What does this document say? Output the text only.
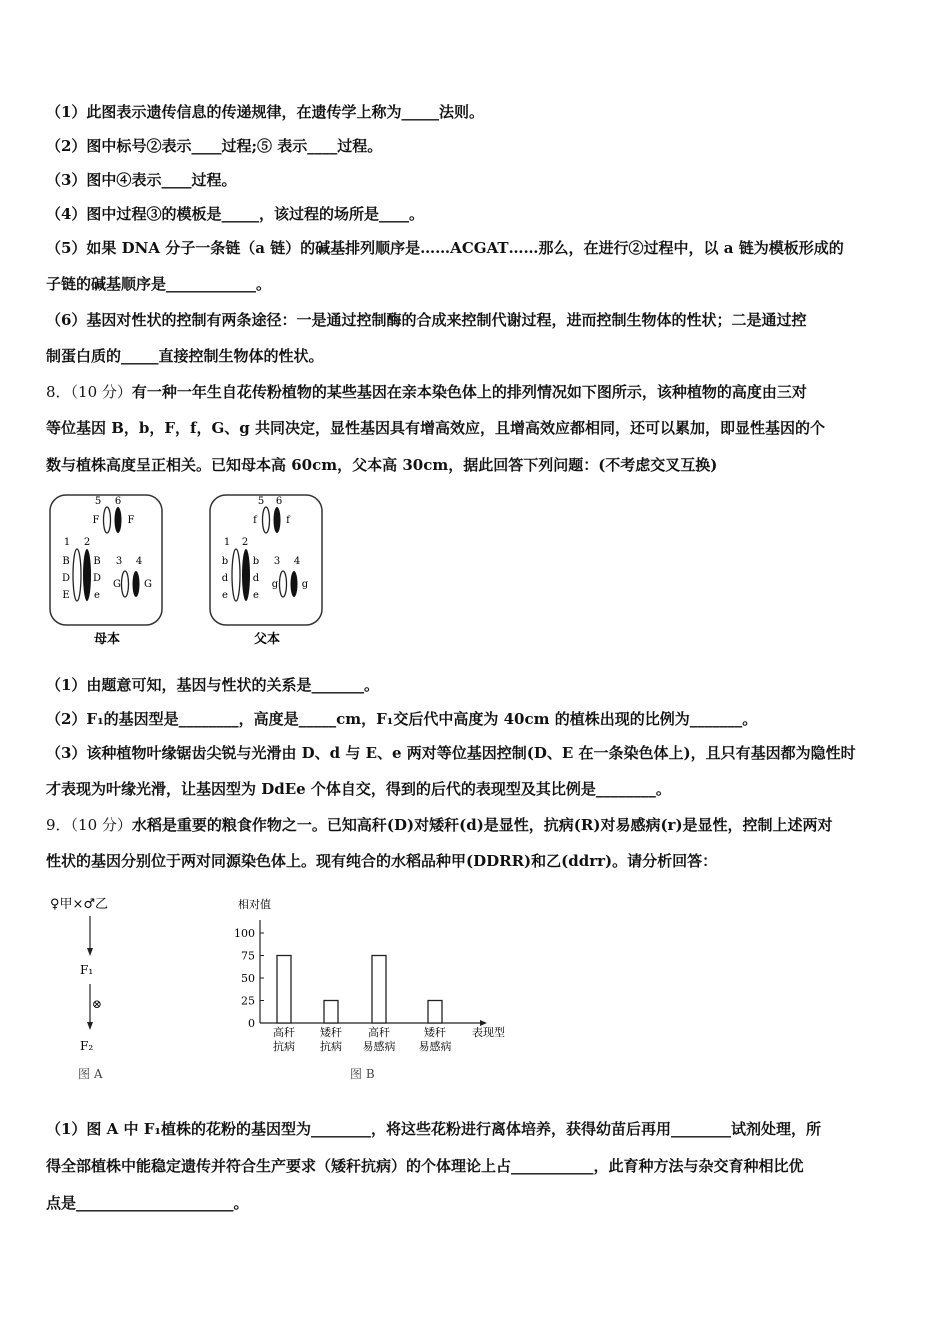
（1）此图表示遗传信息的传递规律，在遗传学上称为_____法则。
（2）图中标号②表示____过程;⑤ 表示____过程。
（3）图中④表示____过程。
（4）图中过程③的模板是_____，该过程的场所是____。
（5）如果 DNA 分子一条链（a 链）的碱基排列顺序是……ACGAT……那么，在进行②过程中，以 a 链为模板形成的
子链的碱基顺序是____________。
（6）基因对性状的控制有两条途径：一是通过控制酶的合成来控制代谢过程，进而控制生物体的性状；二是通过控
制蛋白质的_____直接控制生物体的性状。
8．（10 分）有一种一年生自花传粉植物的某些基因在亲本染色体上的排列情况如下图所示，该种植物的高度由三对
等位基因 B，b，F，f，G、g 共同决定，显性基因具有增高效应，且增高效应都相同，还可以累加，即显性基因的个
数与植株高度呈正相关。已知母本高 60cm，父本高 30cm，据此回答下列问题：(不考虑交叉互换)
5 6
F	F
1 2
B
D
E
B
D
e
3 4
G G
母本
5 6
f	f
1 2
b
d
e
b
d
e
3 4
g g
父本
（1）由题意可知，基因与性状的关系是_______。
（2）F₁的基因型是________，高度是_____cm，F₁交后代中高度为 40cm 的植株出现的比例为_______。
（3）该种植物叶缘锯齿尖锐与光滑由 D、d 与 E、e 两对等位基因控制(D、E 在一条染色体上)，且只有基因都为隐性时
才表现为叶缘光滑，让基因型为 DdEe 个体自交，得到的后代的表现型及其比例是________。
9．（10 分）水稻是重要的粮食作物之一。已知高秆(D)对矮秆(d)是显性，抗病(R)对易感病(r)是显性，控制上述两对
性状的基因分别位于两对同源染色体上。现有纯合的水稻品种甲(DDRR)和乙(ddrr)。请分析回答：
♀甲×♂乙
F₁
⊗
F₂
图 A
相对值
100
75
50
25
0
高秆
抗病
矮秆
抗病
高秆
易感病
矮秆
易感病
表现型
图 B
（1）图 A 中 F₁植株的花粉的基因型为________，将这些花粉进行离体培养，获得幼苗后再用________试剂处理，所
得全部植株中能稳定遗传并符合生产要求（矮秆抗病）的个体理论上占___________，此育种方法与杂交育种相比优
点是_____________________。
